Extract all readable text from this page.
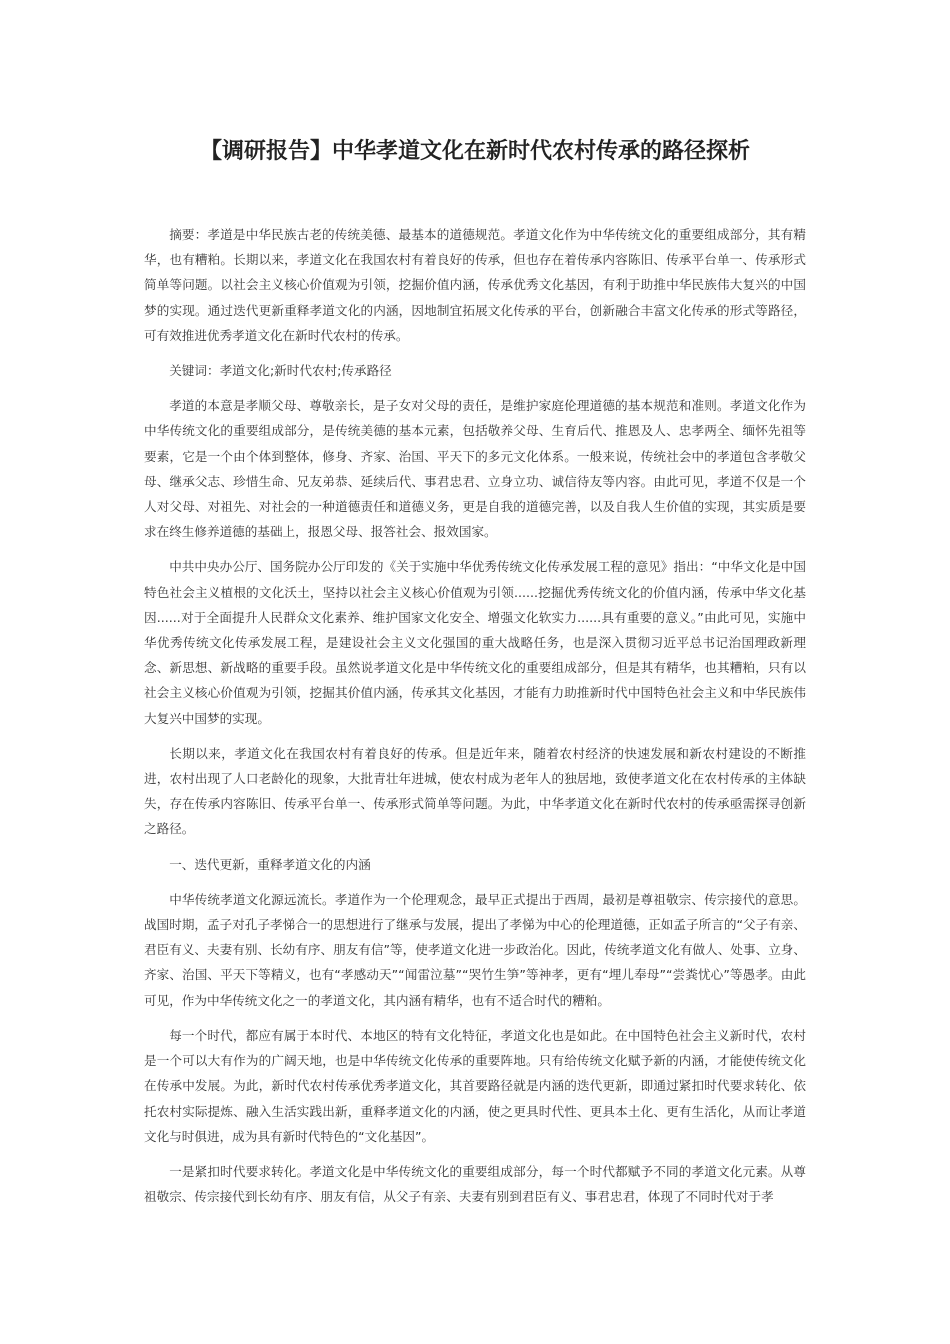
【调研报告】中华孝道文化在新时代农村传承的路径探析

摘要：孝道是中华民族古老的传统美德、最基本的道德规范。孝道文化作为中华传统文化的重要组成部分，其有精华，也有糟粕。长期以来，孝道文化在我国农村有着良好的传承，但也存在着传承内容陈旧、传承平台单一、传承形式简单等问题。以社会主义核心价值观为引领，挖掘价值内涵，传承优秀文化基因，有利于助推中华民族伟大复兴的中国梦的实现。通过迭代更新重释孝道文化的内涵，因地制宜拓展文化传承的平台，创新融合丰富文化传承的形式等路径，可有效推进优秀孝道文化在新时代农村的传承。

关键词：孝道文化;新时代农村;传承路径

孝道的本意是孝顺父母、尊敬亲长，是子女对父母的责任，是维护家庭伦理道德的基本规范和准则。孝道文化作为中华传统文化的重要组成部分，是传统美德的基本元素，包括敬养父母、生育后代、推恩及人、忠孝两全、缅怀先祖等要素，它是一个由个体到整体，修身、齐家、治国、平天下的多元文化体系。一般来说，传统社会中的孝道包含孝敬父母、继承父志、珍惜生命、兄友弟恭、延续后代、事君忠君、立身立功、诚信待友等内容。由此可见，孝道不仅是一个人对父母、对祖先、对社会的一种道德责任和道德义务，更是自我的道德完善，以及自我人生价值的实现，其实质是要求在终生修养道德的基础上，报恩父母、报答社会、报效国家。

中共中央办公厅、国务院办公厅印发的《关于实施中华优秀传统文化传承发展工程的意见》指出：“中华文化是中国特色社会主义植根的文化沃土，坚持以社会主义核心价值观为引领......挖掘优秀传统文化的价值内涵，传承中华文化基因......对于全面提升人民群众文化素养、维护国家文化安全、增强文化软实力......具有重要的意义。”由此可见，实施中华优秀传统文化传承发展工程，是建设社会主义文化强国的重大战略任务，也是深入贯彻习近平总书记治国理政新理念、新思想、新战略的重要手段。虽然说孝道文化是中华传统文化的重要组成部分，但是其有精华，也其糟粕，只有以社会主义核心价值观为引领，挖掘其价值内涵，传承其文化基因，才能有力助推新时代中国特色社会主义和中华民族伟大复兴中国梦的实现。

长期以来，孝道文化在我国农村有着良好的传承。但是近年来，随着农村经济的快速发展和新农村建设的不断推进，农村出现了人口老龄化的现象，大批青壮年进城，使农村成为老年人的独居地，致使孝道文化在农村传承的主体缺失，存在传承内容陈旧、传承平台单一、传承形式简单等问题。为此，中华孝道文化在新时代农村的传承亟需探寻创新之路径。

一、迭代更新，重释孝道文化的内涵

中华传统孝道文化源远流长。孝道作为一个伦理观念，最早正式提出于西周，最初是尊祖敬宗、传宗接代的意思。战国时期，孟子对孔子孝悌合一的思想进行了继承与发展，提出了孝悌为中心的伦理道德，正如孟子所言的“父子有亲、君臣有义、夫妻有别、长幼有序、朋友有信”等，使孝道文化进一步政治化。因此，传统孝道文化有做人、处事、立身、齐家、治国、平天下等精义，也有“孝感动天”“闻雷泣墓”“哭竹生笋”等神孝，更有“埋儿奉母”“尝粪忧心”等愚孝。由此可见，作为中华传统文化之一的孝道文化，其内涵有精华，也有不适合时代的糟粕。

每一个时代，都应有属于本时代、本地区的特有文化特征，孝道文化也是如此。在中国特色社会主义新时代，农村是一个可以大有作为的广阔天地，也是中华传统文化传承的重要阵地。只有给传统文化赋予新的内涵，才能使传统文化在传承中发展。为此，新时代农村传承优秀孝道文化，其首要路径就是内涵的迭代更新，即通过紧扣时代要求转化、依托农村实际提炼、融入生活实践出新，重释孝道文化的内涵，使之更具时代性、更具本土化、更有生活化，从而让孝道文化与时俱进，成为具有新时代特色的“文化基因”。

一是紧扣时代要求转化。孝道文化是中华传统文化的重要组成部分，每一个时代都赋予不同的孝道文化元素。从尊祖敬宗、传宗接代到长幼有序、朋友有信，从父子有亲、夫妻有别到君臣有义、事君忠君，体现了不同时代对于孝
